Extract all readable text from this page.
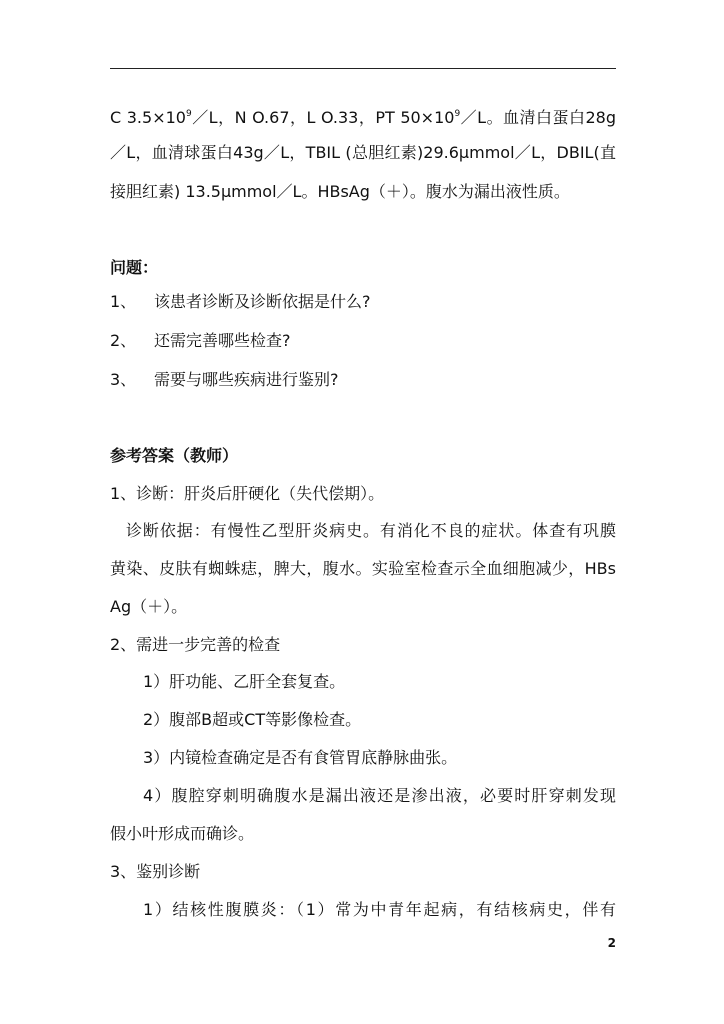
C $3.5\times 10^9/L$，N O.67，L O.33，PT $50\times 10^9/L$。血清白蛋白28g
／L，血清球蛋白43g／L，TBIL (总胆红素)29.6μmmol／L，DBIL(直
接胆红素) 13.5μmmol／L。HBsAg（＋）。腹水为漏出液性质。
问题：
1、 该患者诊断及诊断依据是什么?
2、 还需完善哪些检查?
3、 需要与哪些疾病进行鉴别?
参考答案（教师）
1、诊断：肝炎后肝硬化（失代偿期）。
诊断依据：有慢性乙型肝炎病史。有消化不良的症状。体查有巩膜
黄染、皮肤有蜘蛛痣，脾大，腹水。实验室检查示全血细胞减少，HBs
Ag（＋）。
2、需进一步完善的检查
1）肝功能、乙肝全套复查。
2）腹部B超或CT等影像检查。
3）内镜检查确定是否有食管胃底静脉曲张。
4）腹腔穿刺明确腹水是漏出液还是渗出液，必要时肝穿刺发现
假小叶形成而确诊。
3、鉴别诊断
1）结核性腹膜炎：（1）常为中青年起病，有结核病史，伴有
2
